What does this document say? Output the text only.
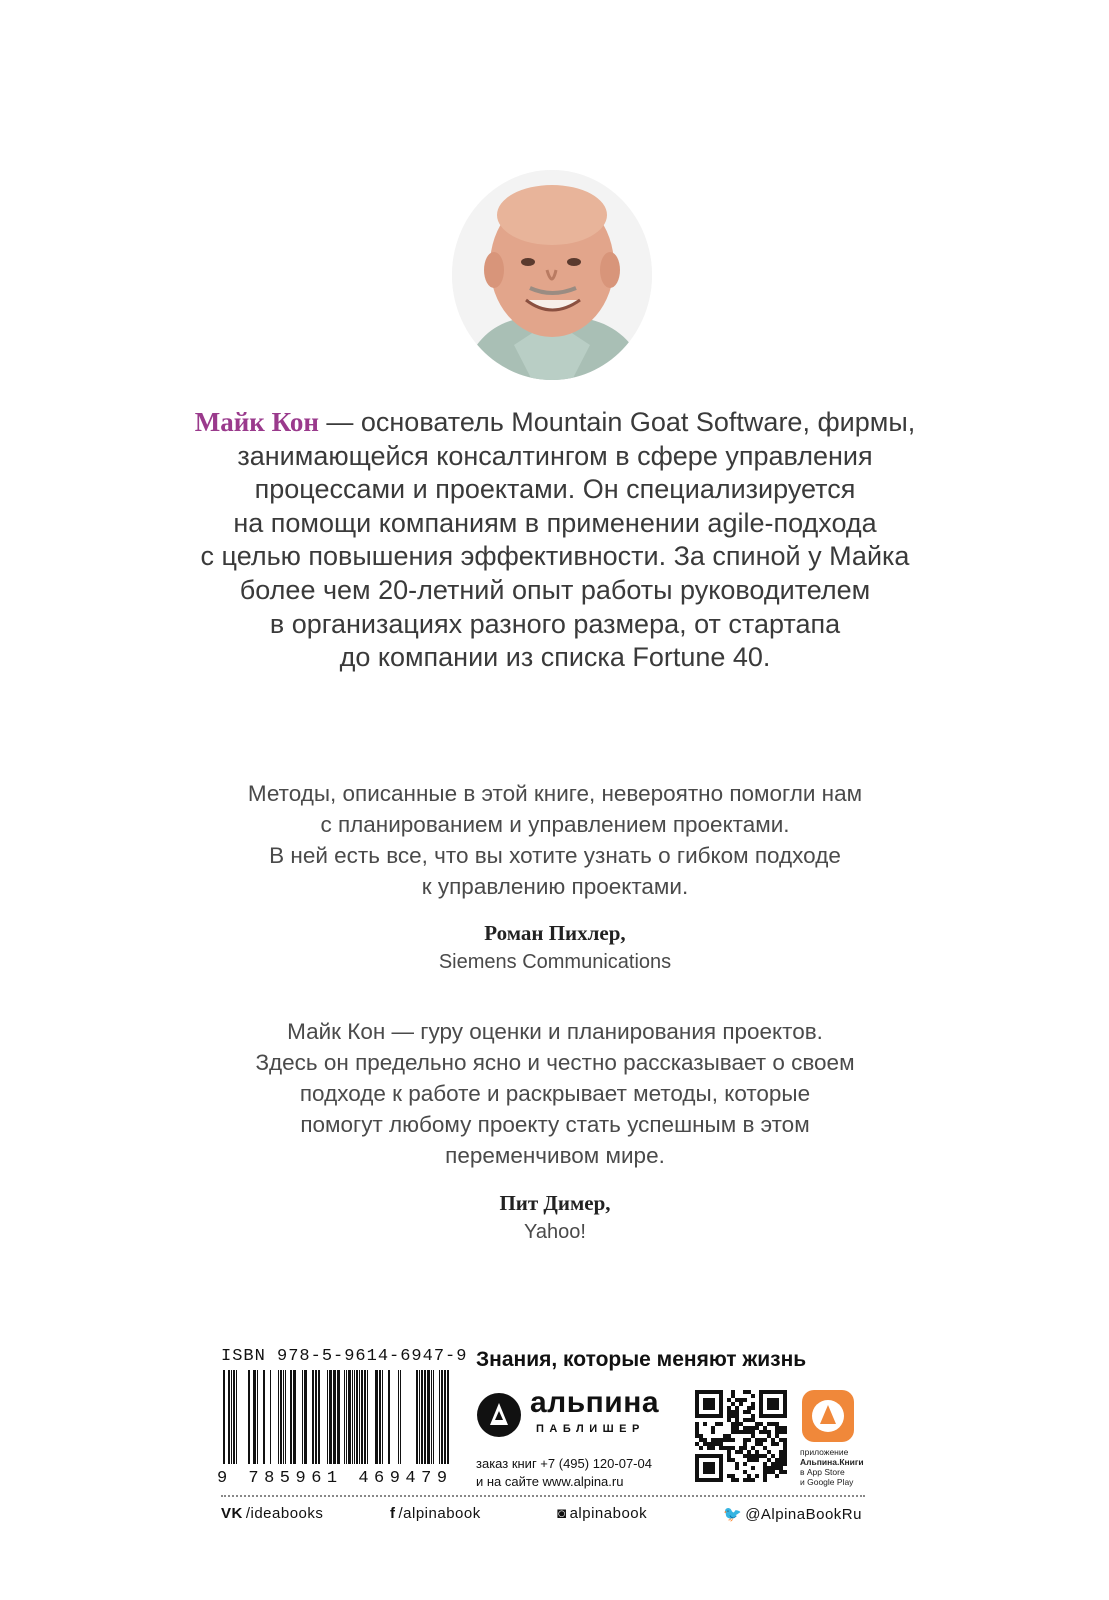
Майк Кон — основатель Mountain Goat Software, фирмы,
занимающейся консалтингом в сфере управления
процессами и проектами. Он специализируется
на помощи компаниям в применении agile-подхода
с целью повышения эффективности. За спиной у Майка
более чем 20-летний опыт работы руководителем
в организациях разного размера, от стартапа
до компании из списка Fortune 40.
Методы, описанные в этой книге, невероятно помогли нам
с планированием и управлением проектами.
В ней есть все, что вы хотите узнать о гибком подходе
к управлению проектами.
Роман Пихлер,
Siemens Communications
Майк Кон — гуру оценки и планирования проектов.
Здесь он предельно ясно и честно рассказывает о своем
подходе к работе и раскрывает методы, которые
помогут любому проекту стать успешным в этом
переменчивом мире.
Пит Димер,
Yahoo!
ISBN 978-5-9614-6947-9
9 785961 469479
Знания, которые меняют жизнь
альпина
ПАБЛИШЕР
заказ книг +7 (495) 120-07-04
и на сайте www.alpina.ru
приложение
Альпина.Книги
в App Store
и Google Play
VK /ideabooks	f /alpinabook	◙ alpinabook	🐦 @AlpinaBookRu
